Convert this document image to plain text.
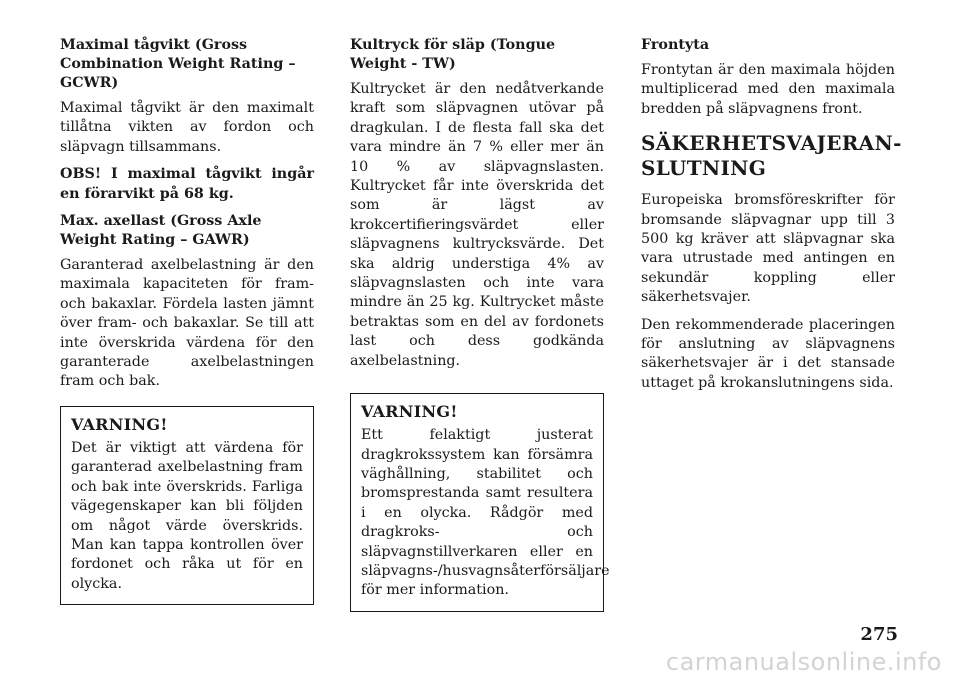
Maximal tågvikt (Gross Combination Weight Rating – GCWR)
Maximal tågvikt är den maximalt tillåtna vikten av fordon och släpvagn tillsammans.
OBS! I maximal tågvikt ingår en förarvikt på 68 kg.
Max. axellast (Gross Axle Weight Rating – GAWR)
Garanterad axelbelastning är den maximala kapaciteten för fram- och bakaxlar. Fördela lasten jämnt över fram- och bakaxlar. Se till att inte överskrida värdena för den garanterade axelbelastningen fram och bak.
VARNING!
Det är viktigt att värdena för garanterad axelbelastning fram och bak inte överskrids. Farliga vägegenskaper kan bli följden om något värde överskrids. Man kan tappa kontrollen över fordonet och råka ut för en olycka.
Kultryck för släp (Tongue Weight - TW)
Kultrycket är den nedåtverkande kraft som släpvagnen utövar på dragkulan. I de flesta fall ska det vara mindre än 7 % eller mer än 10 % av släpvagnslasten. Kultrycket får inte överskrida det som är lägst av krokcertifieringsvärdet eller släpvagnens kultrycksvärde. Det ska aldrig understiga 4% av släpvagnslasten och inte vara mindre än 25 kg. Kultrycket måste betraktas som en del av fordonets last och dess godkända axelbelastning.
VARNING!
Ett felaktigt justerat dragkrokssystem kan försämra väghållning, stabilitet och bromsprestanda samt resultera i en olycka. Rådgör med dragkroks- och släpvagnstillverkaren eller en släpvagns-/husvagnsåterförsäljare för mer information.
Frontyta
Frontytan är den maximala höjden multiplicerad med den maximala bredden på släpvagnens front.
SÄKERHETSVAJERAN-
SLUTNING
Europeiska bromsföreskrifter för bromsande släpvagnar upp till 3 500 kg kräver att släpvagnar ska vara utrustade med antingen en sekundär koppling eller säkerhetsvajer.
Den rekommenderade placeringen för anslutning av släpvagnens säkerhetsvajer är i det stansade uttaget på krokanslutningens sida.
275
carmanualsonline.info
